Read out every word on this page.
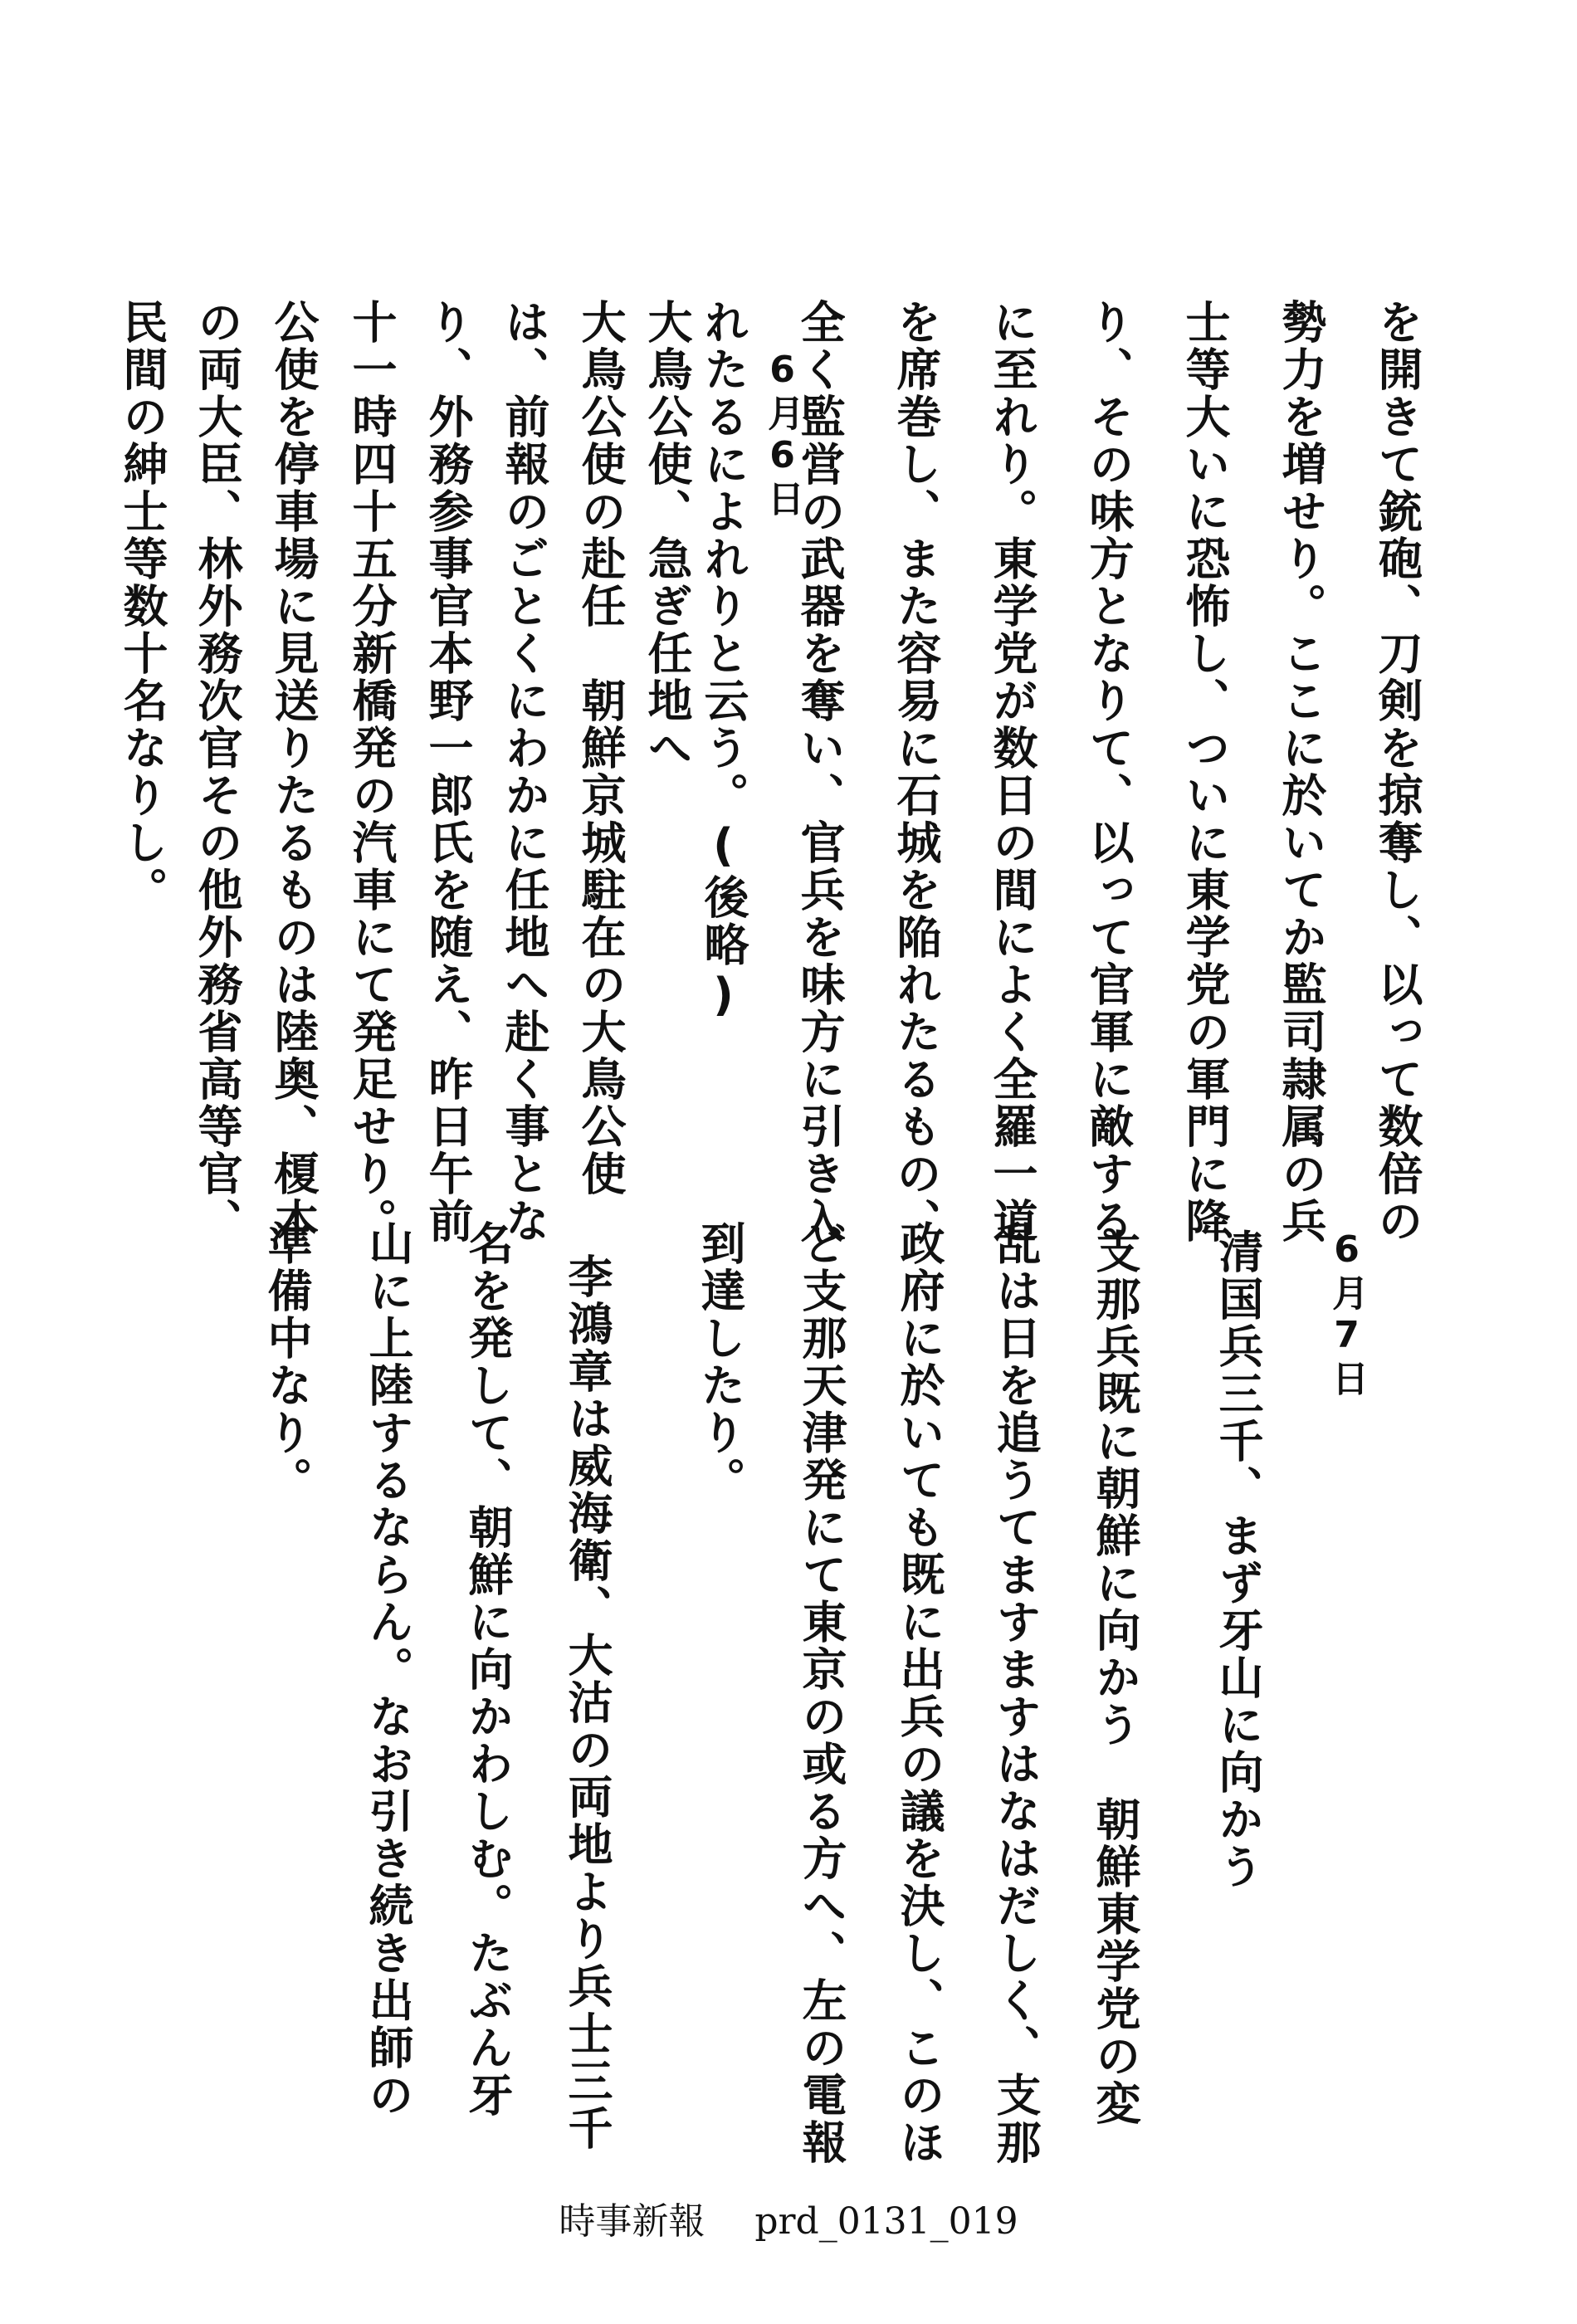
を開きて銃砲、刀剣を掠奪し、以って数倍の
勢力を増せり。ここに於いてか監司隷属の兵
士等大いに恐怖し、ついに東学党の軍門に降
り、その味方となりて、以って官軍に敵する
に至れり。東学党が数日の間によく全羅一道
を席巻し、また容易に石城を陥れたるもの、
全く監営の武器を奪い、官兵を味方に引き入
れたるによれりと云う。(後略) 6月6日
大鳥公使、急ぎ任地へ
大鳥公使の赴任　朝鮮京城駐在の大鳥公使
は、前報のごとくにわかに任地へ赴く事とな
り、外務参事官本野一郎氏を随え、昨日午前
十一時四十五分新橋発の汽車にて発足せり。
公使を停車場に見送りたるものは陸奥、榎本
の両大臣、林外務次官その他外務省高等官、
民間の紳士等数十名なりし。
6月7日
清国兵三千、まず牙山に向かう
支那兵既に朝鮮に向かう　朝鮮東学党の変
乱は日を追うてますますはなはだしく、支那
政府に於いても既に出兵の議を決し、このほ
ど支那天津発にて東京の或る方へ、左の電報
到達したり。
李鴻章は威海衛、大沽の両地より兵士三千
名を発して、朝鮮に向かわしむ。たぶん牙
山に上陸するならん。なお引き続き出師の
準備中なり。
時事新報 prd_0131_019
